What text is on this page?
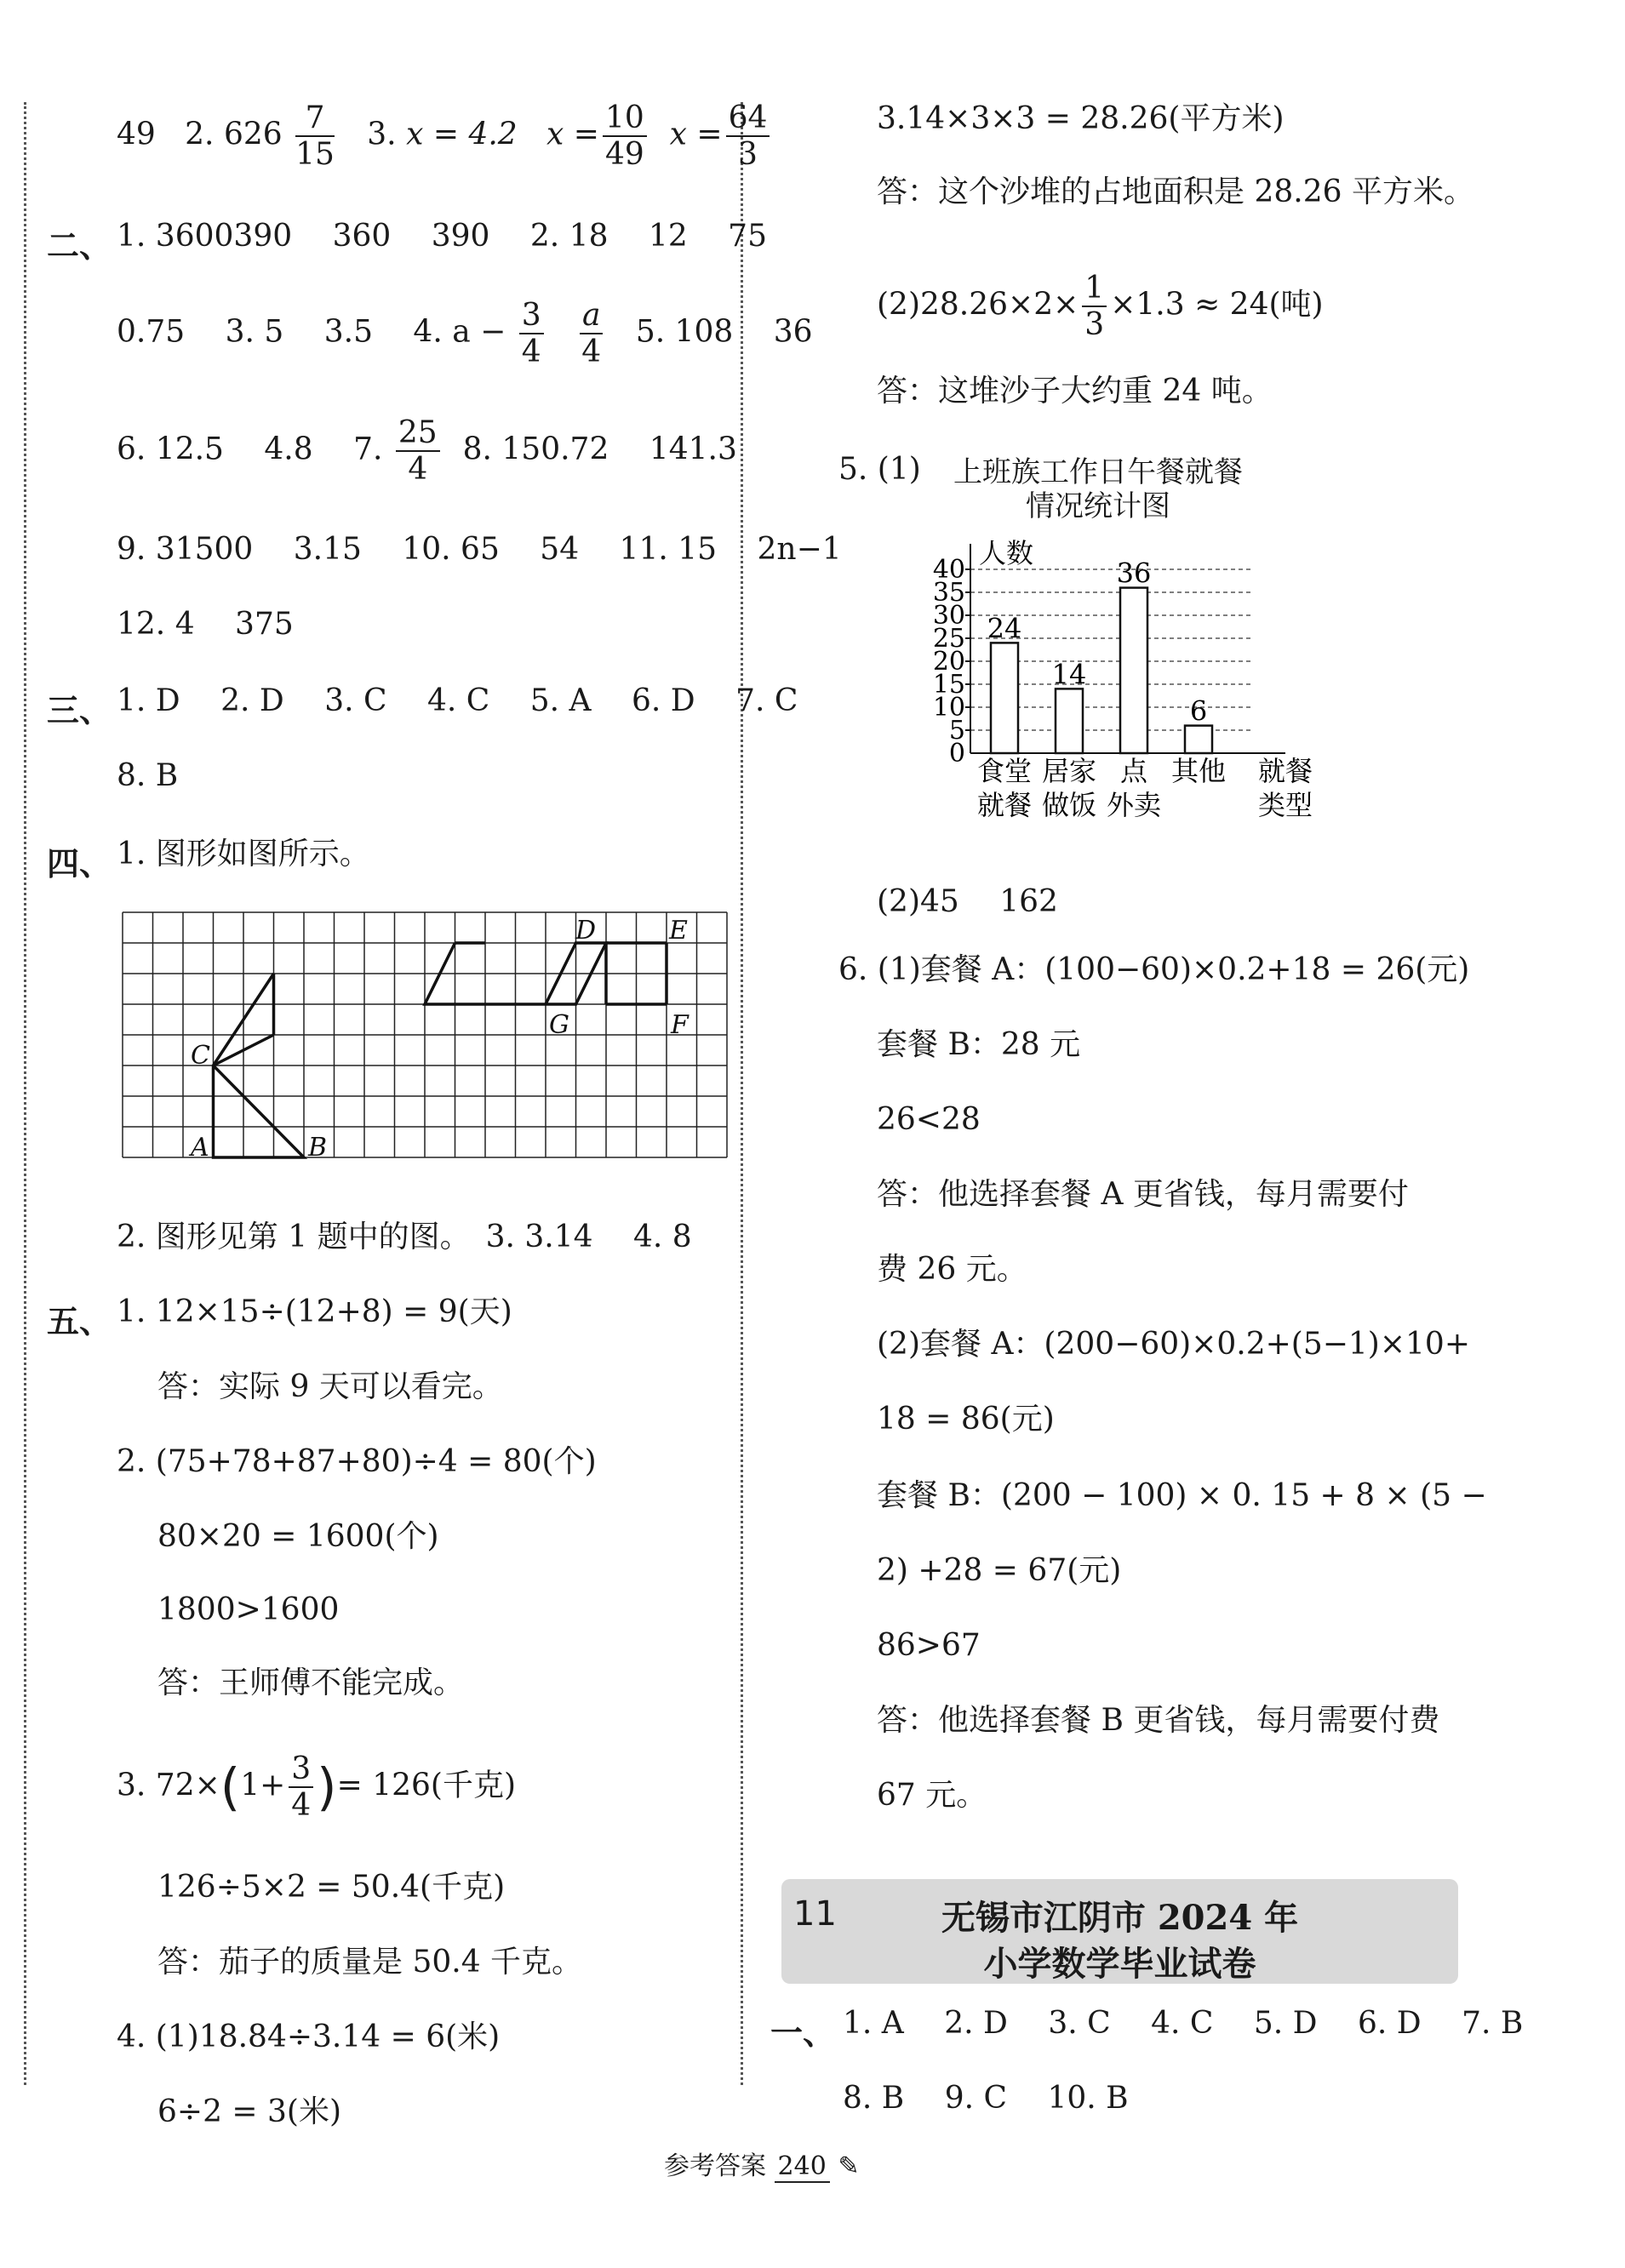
49 2. $626 \frac{7}{15} 3$. x = 4.2 $x = \frac{10}{49}$ $x = \frac{64}{3}$
二、 1. 3600390　 360　 390　 2. 18　 12　 75
0.75　 3. 5　 3.5　 4. $a - \frac{3}{4}$
$\frac{a}{4} 5$. 108　 36
6. 12.5　 4.8　 7. $\frac{25}{4} 8$. 150.72　 141.3
9. 31500　 3.15　 10. 65　 54　 11. 15　 2n−1
12. 4　 375
三、 1. D　 2. D　 3. C　 4. C　 5. A　 6. D　 7. C
8. B
四、 1. 图形如图所示。
C
A	B
D	E
G	F
2. 图形见第 1 题中的图。　3. 3.14　 4. 8
五、 1. 12×15÷(12+8) = 9(天)
答：实际 9 天可以看完。
2. (75+78+87+80)÷4 = 80(个)
80×20 = 1600(个)
1800>1600
答：王师傅不能完成。
3. $72\times(1+ \frac{3}{4}$ )= 126(千克)
126÷5×2 = 50.4(千克)
答：茄子的质量是 50.4 千克。
4. (1)18.84÷3.14 = 6(米)
6÷2 = 3(米)
3.14×3×3 = 28.26(平方米)
答：这个沙堆的占地面积是 28.26 平方米。
$(2)28.26\times 2\times \frac{1}{3} \times 1.3 \approx 24$(吨)
答：这堆沙子大约重 24 吨。
5. (1) 上班族工作日午餐就餐
情况统计图
0
5
10
15
20
25
30
35
40
人数
24
食堂
就餐
14
居家
做饭
36
点
外卖
6
其他 就餐
类型
(2)45　 162
6. (1)套餐 A：(100−60)×0.2+18 = 26(元)
套餐 B：28 元
26<28
答：他选择套餐 A 更省钱，每月需要付
费 26 元。
(2)套餐 A：(200−60)×0.2+(5−1)×10+
18 = 86(元)
套餐 B：(200 − 100) × 0. 15 + 8 × (5 −
2) +28 = 67(元)
86>67
答：他选择套餐 B 更省钱，每月需要付费
67 元。
11	无锡市江阴市 2024 年
小学数学毕业试卷
一、 1. A　 2. D　 3. C　 4. C　 5. D　 6. D　 7. B
8. B　 9. C　 10. B
参考答案 240 ✎
